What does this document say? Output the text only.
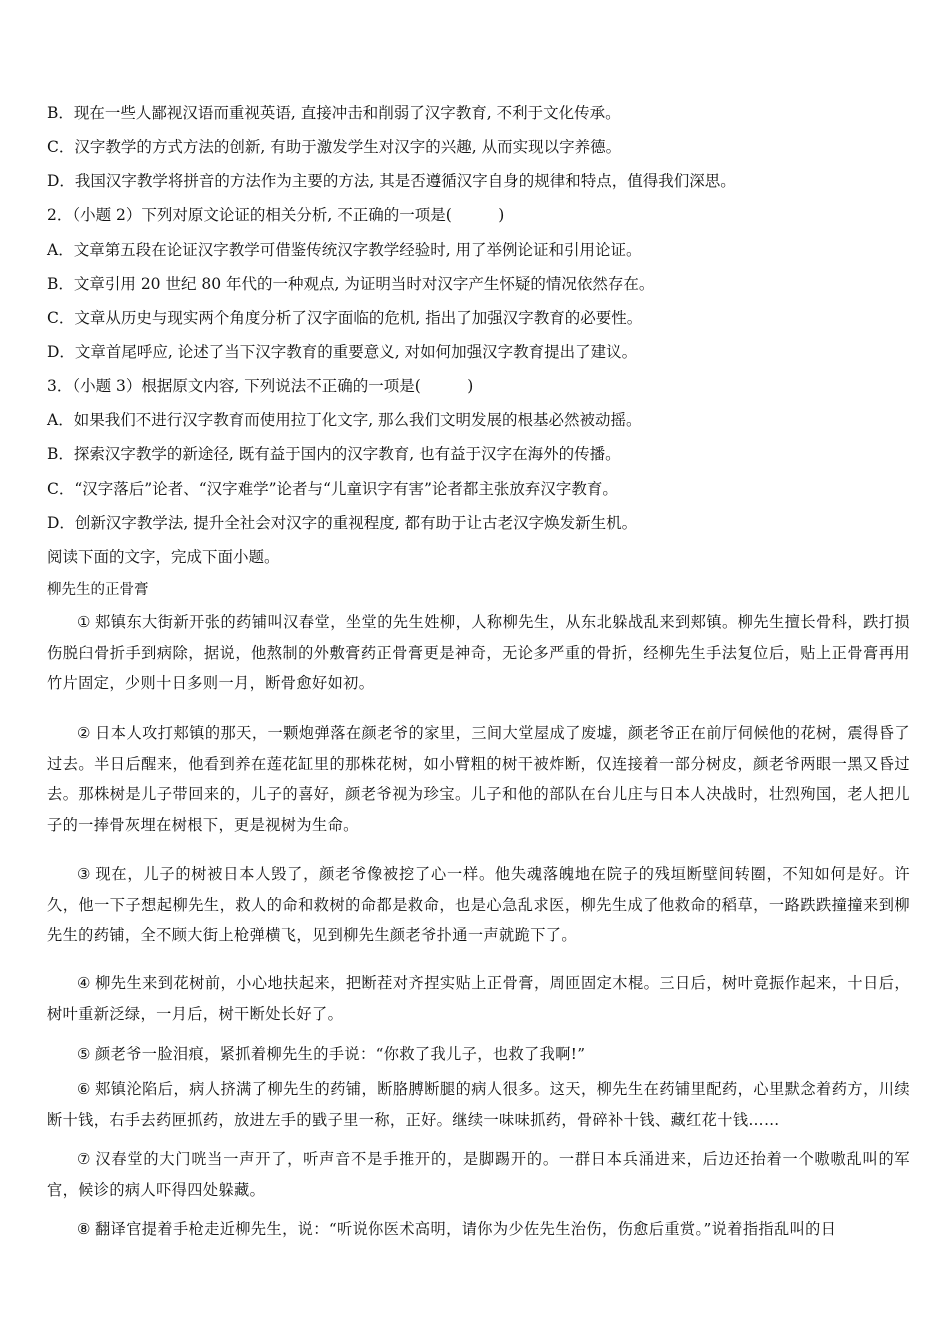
B．现在一些人鄙视汉语而重视英语, 直接冲击和削弱了汉字教育, 不利于文化传承。
C．汉字教学的方式方法的创新, 有助于激发学生对汉字的兴趣, 从而实现以字养德。
D．我国汉字教学将拼音的方法作为主要的方法, 其是否遵循汉字自身的规律和特点，值得我们深思。
2．（小题 2）下列对原文论证的相关分析, 不正确的一项是(　　　)
A．文章第五段在论证汉字教学可借鉴传统汉字教学经验时, 用了举例论证和引用论证。
B．文章引用 20 世纪 80 年代的一种观点, 为证明当时对汉字产生怀疑的情况依然存在。
C．文章从历史与现实两个角度分析了汉字面临的危机, 指出了加强汉字教育的必要性。
D．文章首尾呼应, 论述了当下汉字教育的重要意义, 对如何加强汉字教育提出了建议。
3．（小题 3）根据原文内容, 下列说法不正确的一项是(　　　)
A．如果我们不进行汉字教育而使用拉丁化文字, 那么我们文明发展的根基必然被动摇。
B．探索汉字教学的新途径, 既有益于国内的汉字教育, 也有益于汉字在海外的传播。
C．“汉字落后”论者、“汉字难学”论者与“儿童识字有害”论者都主张放弃汉字教育。
D．创新汉字教学法, 提升全社会对汉字的重视程度, 都有助于让古老汉字焕发新生机。
阅读下面的文字，完成下面小题。
柳先生的正骨膏
① 郏镇东大街新开张的药铺叫汉春堂，坐堂的先生姓柳，人称柳先生，从东北躲战乱来到郏镇。柳先生擅长骨科，跌打损伤脱臼骨折手到病除，据说，他熬制的外敷膏药正骨膏更是神奇，无论多严重的骨折，经柳先生手法复位后，贴上正骨膏再用竹片固定，少则十日多则一月，断骨愈好如初。
② 日本人攻打郏镇的那天，一颗炮弹落在颜老爷的家里，三间大堂屋成了废墟，颜老爷正在前厅伺候他的花树，震得昏了过去。半日后醒来，他看到养在莲花缸里的那株花树，如小臂粗的树干被炸断，仅连接着一部分树皮，颜老爷两眼一黑又昏过去。那株树是儿子带回来的，儿子的喜好，颜老爷视为珍宝。儿子和他的部队在台儿庄与日本人决战时，壮烈殉国，老人把儿子的一捧骨灰埋在树根下，更是视树为生命。
③ 现在，儿子的树被日本人毁了，颜老爷像被挖了心一样。他失魂落魄地在院子的残垣断壁间转圈，不知如何是好。许久，他一下子想起柳先生，救人的命和救树的命都是救命，也是心急乱求医，柳先生成了他救命的稻草，一路跌跌撞撞来到柳先生的药铺，全不顾大街上枪弹横飞，见到柳先生颜老爷扑通一声就跪下了。
④ 柳先生来到花树前，小心地扶起来，把断茬对齐捏实贴上正骨膏，周匝固定木棍。三日后，树叶竟振作起来，十日后，树叶重新泛绿，一月后，树干断处长好了。
⑤ 颜老爷一脸泪痕，紧抓着柳先生的手说：“你救了我儿子，也救了我啊!”
⑥ 郏镇沦陷后，病人挤满了柳先生的药铺，断胳膊断腿的病人很多。这天，柳先生在药铺里配药，心里默念着药方，川续断十钱，右手去药匣抓药，放进左手的戥子里一称，正好。继续一味味抓药，骨碎补十钱、藏红花十钱……
⑦ 汉春堂的大门咣当一声开了，听声音不是手推开的，是脚踢开的。一群日本兵涌进来，后边还抬着一个嗷嗷乱叫的军官，候诊的病人吓得四处躲藏。
⑧ 翻译官提着手枪走近柳先生，说：“听说你医术高明，请你为少佐先生治伤，伤愈后重赏。”说着指指乱叫的日
